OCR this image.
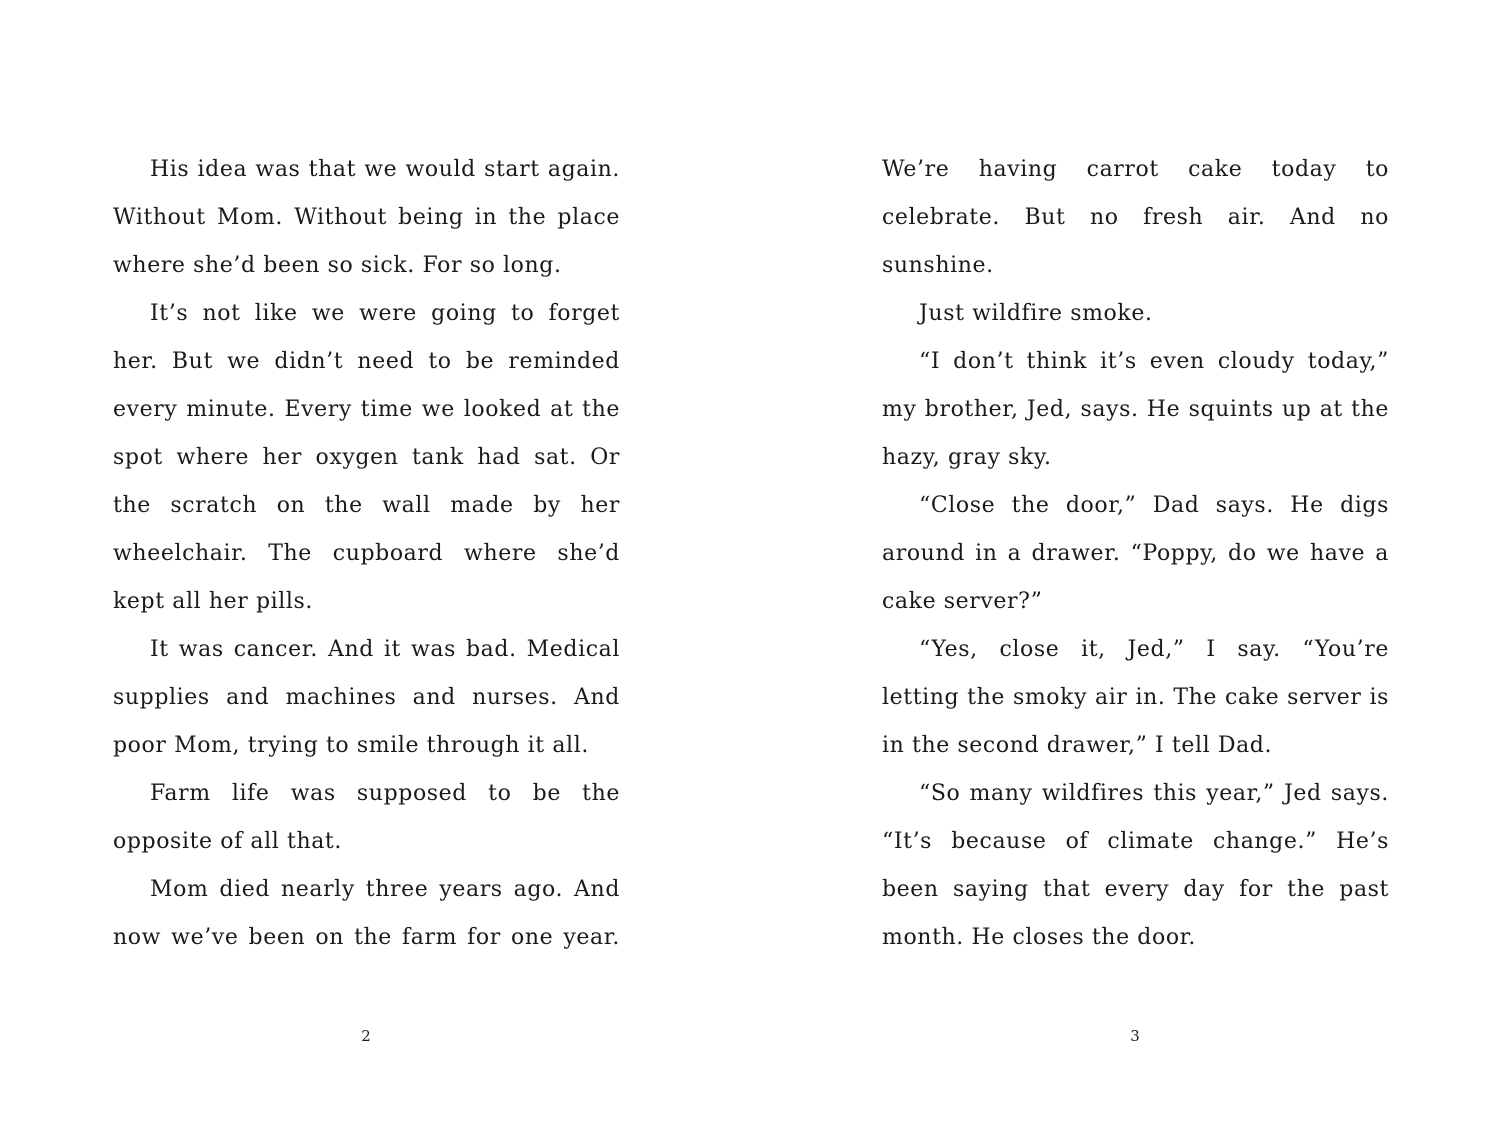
His idea was that we would start again. Without Mom. Without being in the place where she’d been so sick. For so long.

It’s not like we were going to forget her. But we didn’t need to be reminded every minute. Every time we looked at the spot where her oxygen tank had sat. Or the scratch on the wall made by her wheelchair. The cupboard where she’d kept all her pills.

It was cancer. And it was bad. Medical supplies and machines and nurses. And poor Mom, trying to smile through it all.

Farm life was supposed to be the opposite of all that.

Mom died nearly three years ago. And now we’ve been on the farm for one year.

2

We’re having carrot cake today to celebrate. But no fresh air. And no sunshine.

Just wildfire smoke.

“I don’t think it’s even cloudy today,” my brother, Jed, says. He squints up at the hazy, gray sky.

“Close the door,” Dad says. He digs around in a drawer. “Poppy, do we have a cake server?”

“Yes, close it, Jed,” I say. “You’re letting the smoky air in. The cake server is in the second drawer,” I tell Dad.

“So many wildfires this year,” Jed says. “It’s because of climate change.” He’s been saying that every day for the past month. He closes the door.

3
